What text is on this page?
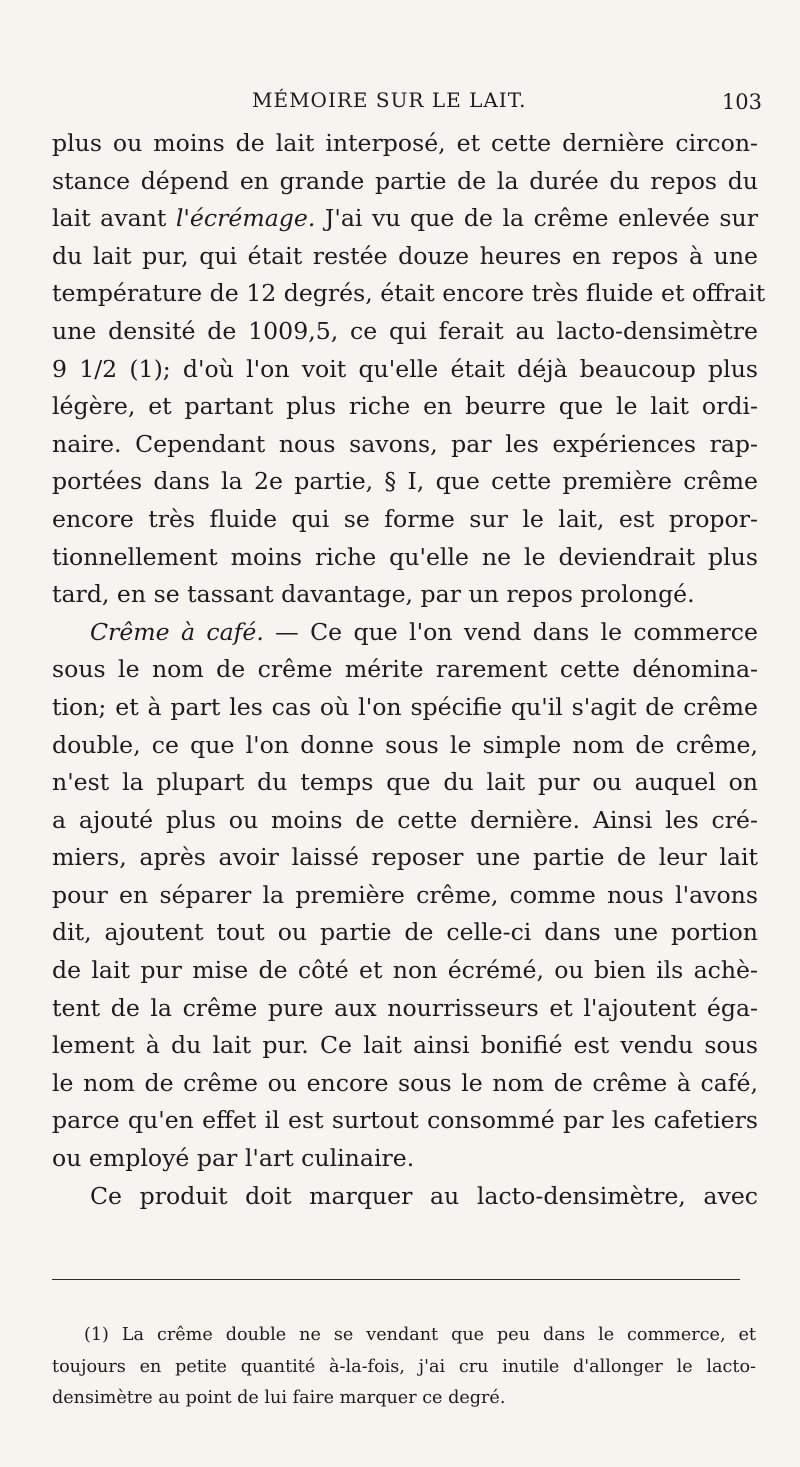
MÉMOIRE SUR LE LAIT.	103
plus ou moins de lait interposé, et cette dernière circon-
stance dépend en grande partie de la durée du repos du
lait avant l'écrémage. J'ai vu que de la crême enlevée sur
du lait pur, qui était restée douze heures en repos à une
température de 12 degrés, était encore très fluide et offrait
une densité de 1009,5, ce qui ferait au lacto-densimètre
9 1/2 (1); d'où l'on voit qu'elle était déjà beaucoup plus
légère, et partant plus riche en beurre que le lait ordi-
naire. Cependant nous savons, par les expériences rap-
portées dans la 2e partie, § I, que cette première crême
encore très fluide qui se forme sur le lait, est propor-
tionnellement moins riche qu'elle ne le deviendrait plus
tard, en se tassant davantage, par un repos prolongé.
Crême à café. — Ce que l'on vend dans le commerce
sous le nom de crême mérite rarement cette dénomina-
tion; et à part les cas où l'on spécifie qu'il s'agit de crême
double, ce que l'on donne sous le simple nom de crême,
n'est la plupart du temps que du lait pur ou auquel on
a ajouté plus ou moins de cette dernière. Ainsi les cré-
miers, après avoir laissé reposer une partie de leur lait
pour en séparer la première crême, comme nous l'avons
dit, ajoutent tout ou partie de celle-ci dans une portion
de lait pur mise de côté et non écrémé, ou bien ils achè-
tent de la crême pure aux nourrisseurs et l'ajoutent éga-
lement à du lait pur. Ce lait ainsi bonifié est vendu sous
le nom de crême ou encore sous le nom de crême à café,
parce qu'en effet il est surtout consommé par les cafetiers
ou employé par l'art culinaire.
Ce produit doit marquer au lacto-densimètre, avec
(1) La crême double ne se vendant que peu dans le commerce, et
toujours en petite quantité à-la-fois, j'ai cru inutile d'allonger le lacto-
densimètre au point de lui faire marquer ce degré.
